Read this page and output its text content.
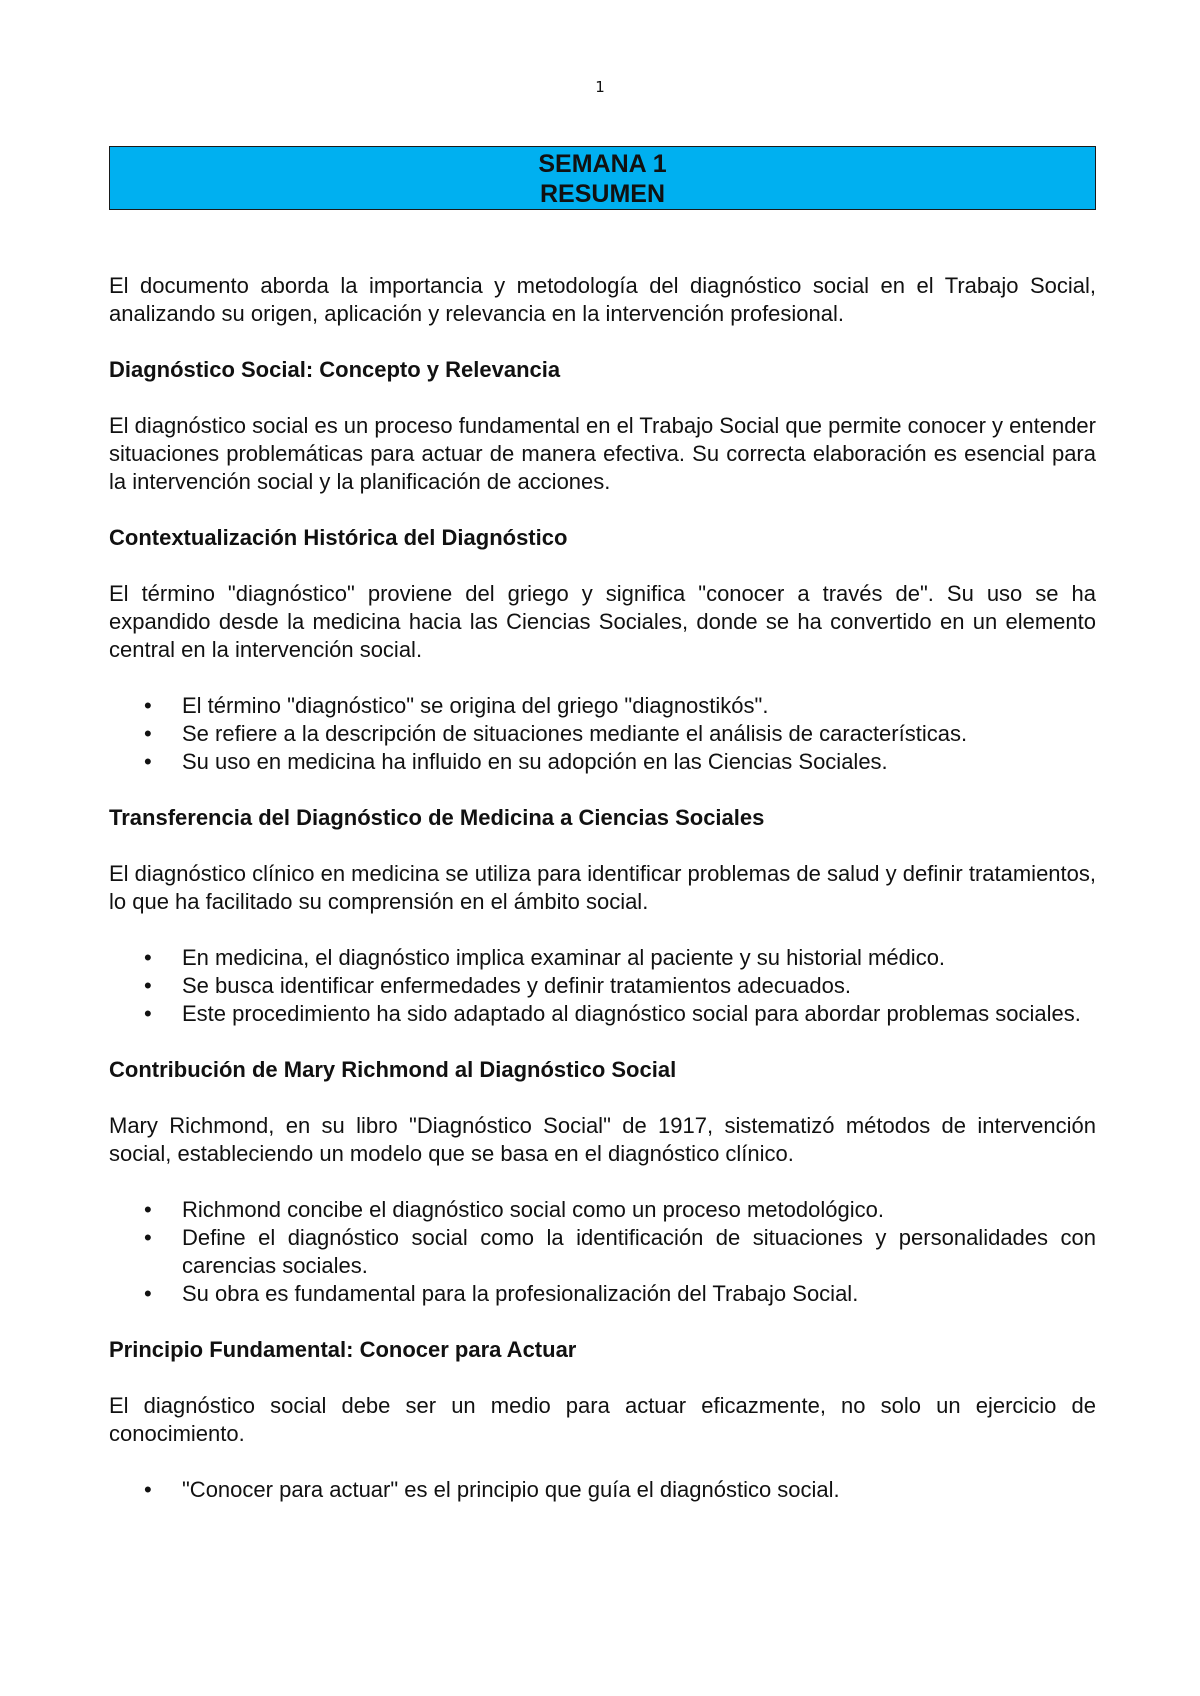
1
SEMANA 1
RESUMEN

El documento aborda la importancia y metodología del diagnóstico social en el Trabajo Social, analizando su origen, aplicación y relevancia en la intervención profesional.

Diagnóstico Social: Concepto y Relevancia

El diagnóstico social es un proceso fundamental en el Trabajo Social que permite conocer y entender situaciones problemáticas para actuar de manera efectiva. Su correcta elaboración es esencial para la intervención social y la planificación de acciones.

Contextualización Histórica del Diagnóstico

El término "diagnóstico" proviene del griego y significa "conocer a través de". Su uso se ha expandido desde la medicina hacia las Ciencias Sociales, donde se ha convertido en un elemento central en la intervención social.

• El término "diagnóstico" se origina del griego "diagnostikós".
• Se refiere a la descripción de situaciones mediante el análisis de características.
• Su uso en medicina ha influido en su adopción en las Ciencias Sociales.
Transferencia del Diagnóstico de Medicina a Ciencias Sociales

El diagnóstico clínico en medicina se utiliza para identificar problemas de salud y definir tratamientos, lo que ha facilitado su comprensión en el ámbito social.

• En medicina, el diagnóstico implica examinar al paciente y su historial médico.
• Se busca identificar enfermedades y definir tratamientos adecuados.
• Este procedimiento ha sido adaptado al diagnóstico social para abordar problemas sociales.
Contribución de Mary Richmond al Diagnóstico Social

Mary Richmond, en su libro "Diagnóstico Social" de 1917, sistematizó métodos de intervención social, estableciendo un modelo que se basa en el diagnóstico clínico.

• Richmond concibe el diagnóstico social como un proceso metodológico.
• Define el diagnóstico social como la identificación de situaciones y personalidades con carencias sociales.
• Su obra es fundamental para la profesionalización del Trabajo Social.
Principio Fundamental: Conocer para Actuar

El diagnóstico social debe ser un medio para actuar eficazmente, no solo un ejercicio de conocimiento.

• "Conocer para actuar" es el principio que guía el diagnóstico social.
